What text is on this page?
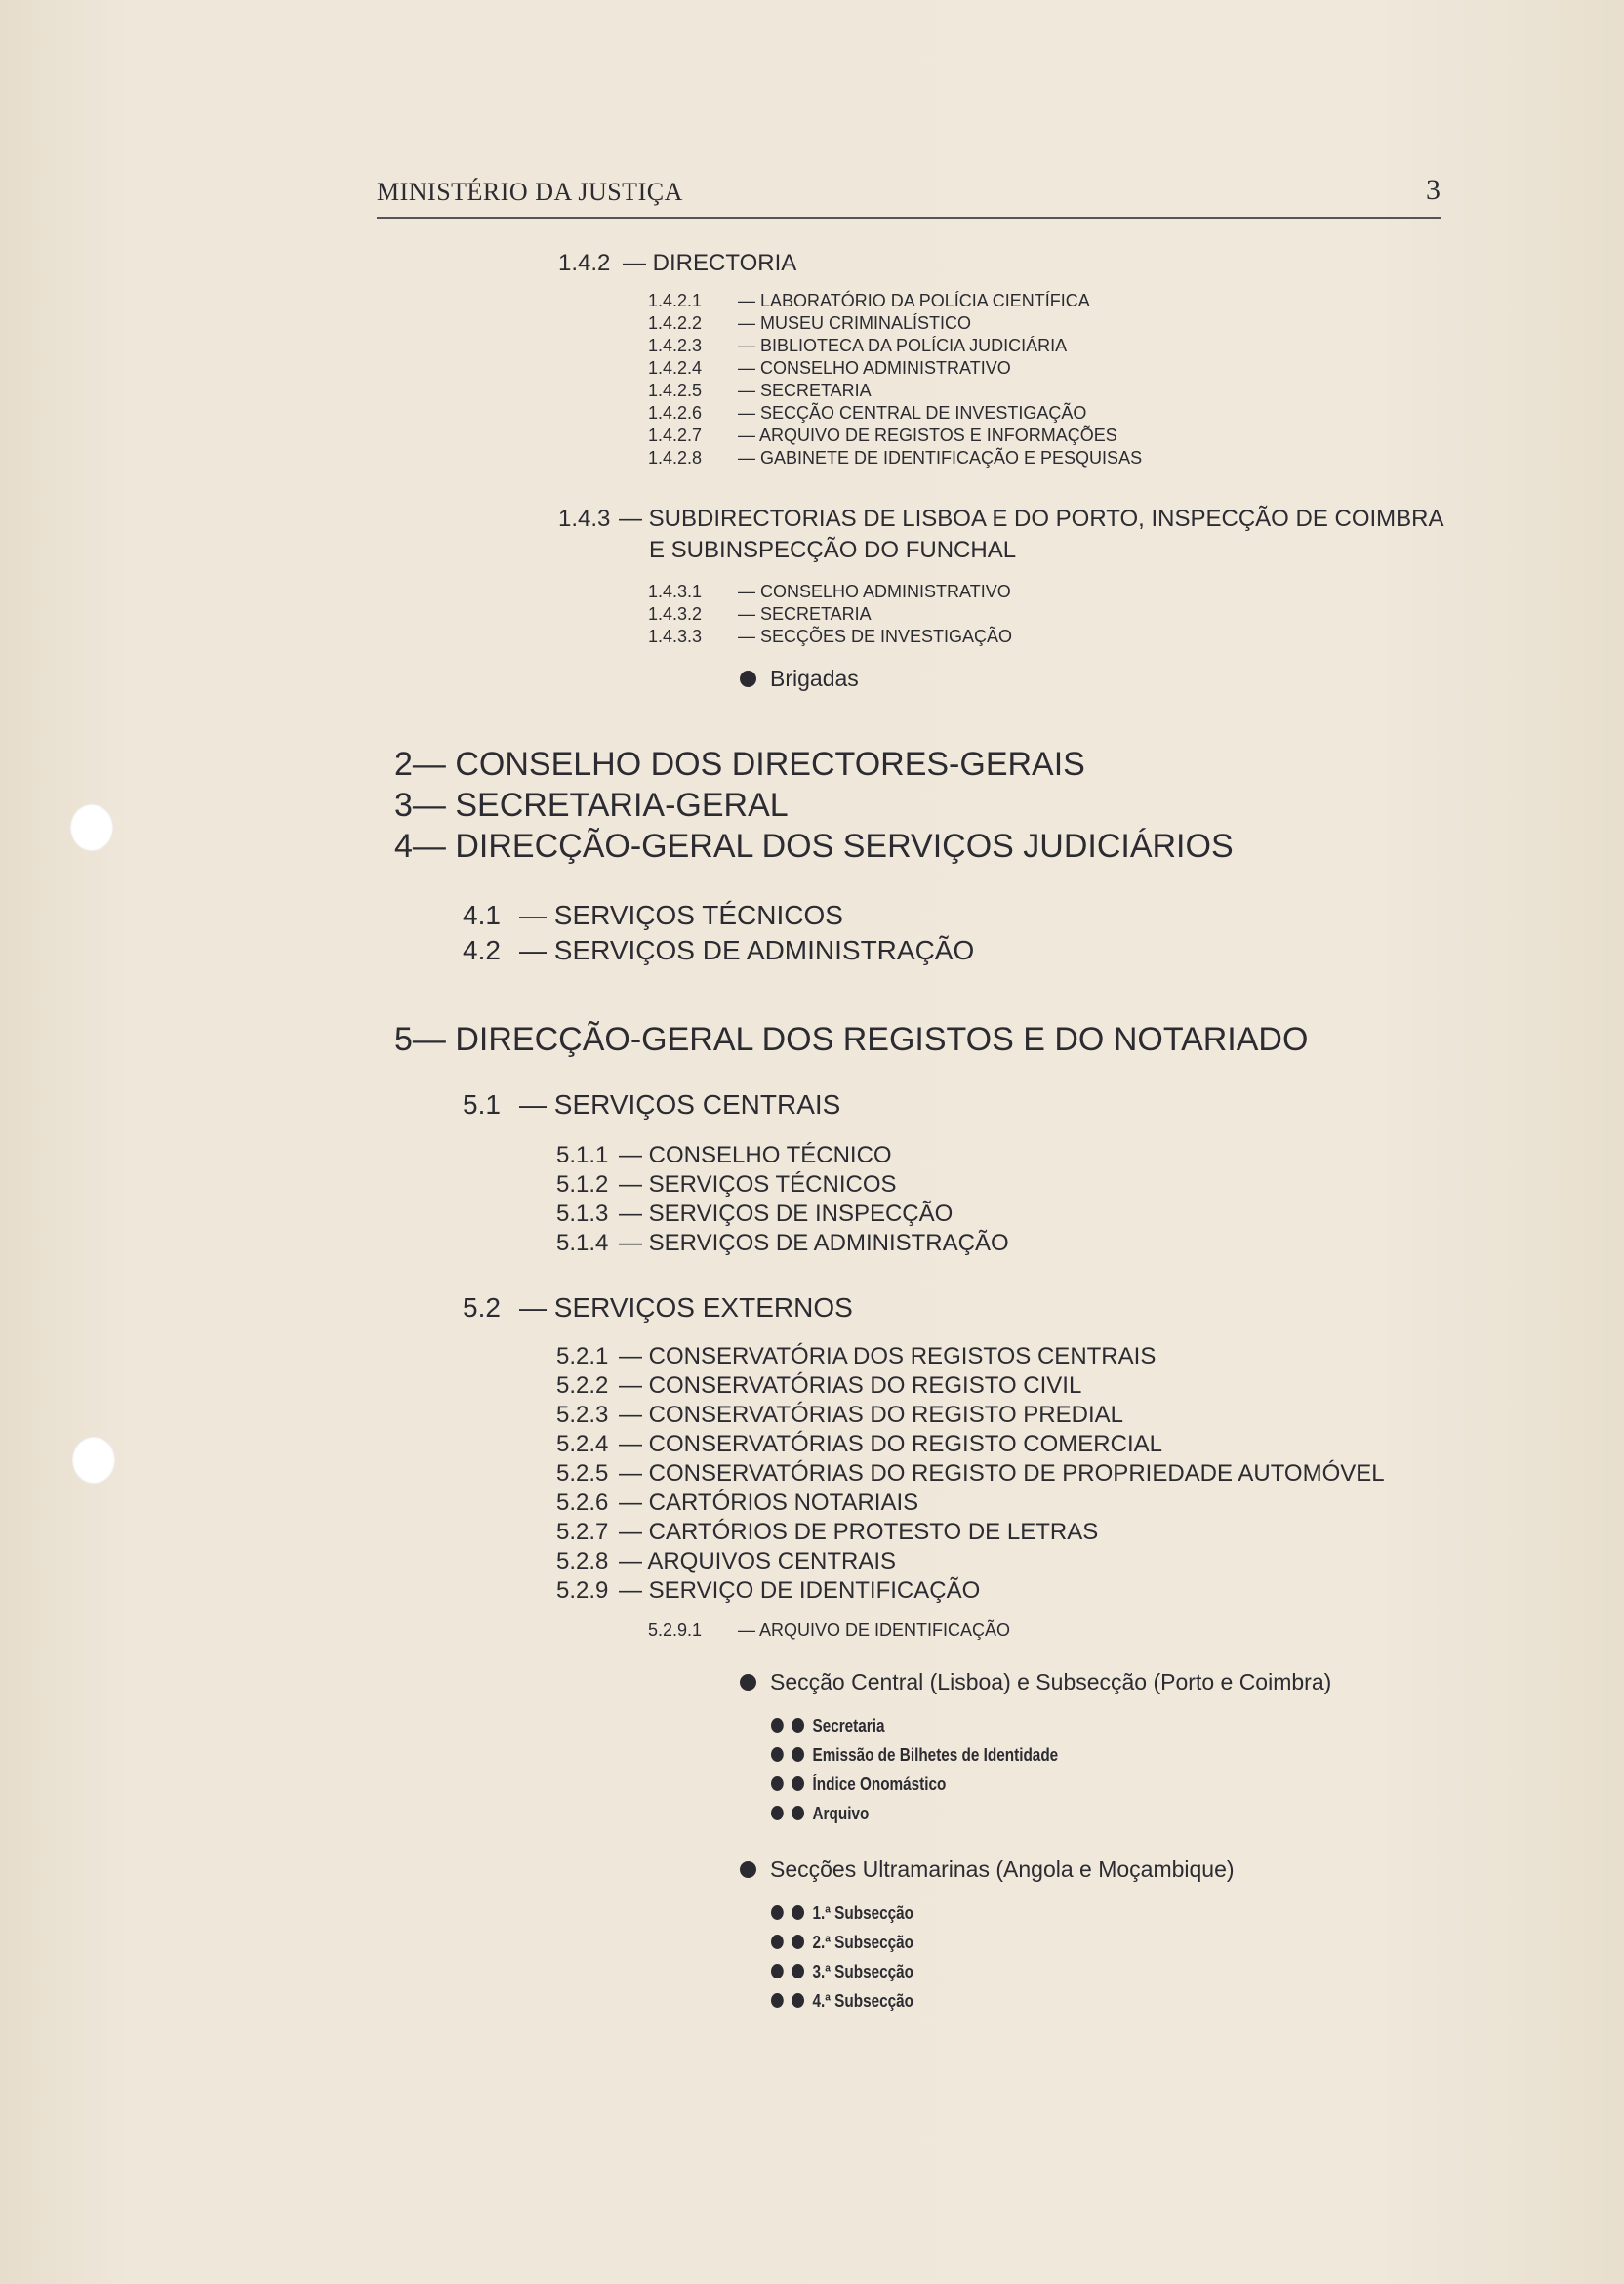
MINISTÉRIO DA JUSTIÇA	3
1.4.2 — DIRECTORIA
1.4.2.1 — LABORATÓRIO DA POLÍCIA CIENTÍFICA
1.4.2.2 — MUSEU CRIMINALÍSTICO
1.4.2.3 — BIBLIOTECA DA POLÍCIA JUDICIÁRIA
1.4.2.4 — CONSELHO ADMINISTRATIVO
1.4.2.5 — SECRETARIA
1.4.2.6 — SECÇÃO CENTRAL DE INVESTIGAÇÃO
1.4.2.7 — ARQUIVO DE REGISTOS E INFORMAÇÕES
1.4.2.8 — GABINETE DE IDENTIFICAÇÃO E PESQUISAS
1.4.3 — SUBDIRECTORIAS DE LISBOA E DO PORTO, INSPECÇÃO DE COIMBRA
E SUBINSPECÇÃO DO FUNCHAL
1.4.3.1 — CONSELHO ADMINISTRATIVO
1.4.3.2 — SECRETARIA
1.4.3.3 — SECÇÕES DE INVESTIGAÇÃO
Brigadas
2— CONSELHO DOS DIRECTORES-GERAIS
3— SECRETARIA-GERAL
4— DIRECÇÃO-GERAL DOS SERVIÇOS JUDICIÁRIOS
4.1 — SERVIÇOS TÉCNICOS
4.2 — SERVIÇOS DE ADMINISTRAÇÃO
5— DIRECÇÃO-GERAL DOS REGISTOS E DO NOTARIADO
5.1 — SERVIÇOS CENTRAIS
5.1.1 — CONSELHO TÉCNICO
5.1.2 — SERVIÇOS TÉCNICOS
5.1.3 — SERVIÇOS DE INSPECÇÃO
5.1.4 — SERVIÇOS DE ADMINISTRAÇÃO
5.2 — SERVIÇOS EXTERNOS
5.2.1 — CONSERVATÓRIA DOS REGISTOS CENTRAIS
5.2.2 — CONSERVATÓRIAS DO REGISTO CIVIL
5.2.3 — CONSERVATÓRIAS DO REGISTO PREDIAL
5.2.4 — CONSERVATÓRIAS DO REGISTO COMERCIAL
5.2.5 — CONSERVATÓRIAS DO REGISTO DE PROPRIEDADE AUTOMÓVEL
5.2.6 — CARTÓRIOS NOTARIAIS
5.2.7 — CARTÓRIOS DE PROTESTO DE LETRAS
5.2.8 — ARQUIVOS CENTRAIS
5.2.9 — SERVIÇO DE IDENTIFICAÇÃO
5.2.9.1 — ARQUIVO DE IDENTIFICAÇÃO
Secção Central (Lisboa) e Subsecção (Porto e Coimbra)
Secretaria
Emissão de Bilhetes de Identidade
Índice Onomástico
Arquivo
Secções Ultramarinas (Angola e Moçambique)
1.ª Subsecção
2.ª Subsecção
3.ª Subsecção
4.ª Subsecção
